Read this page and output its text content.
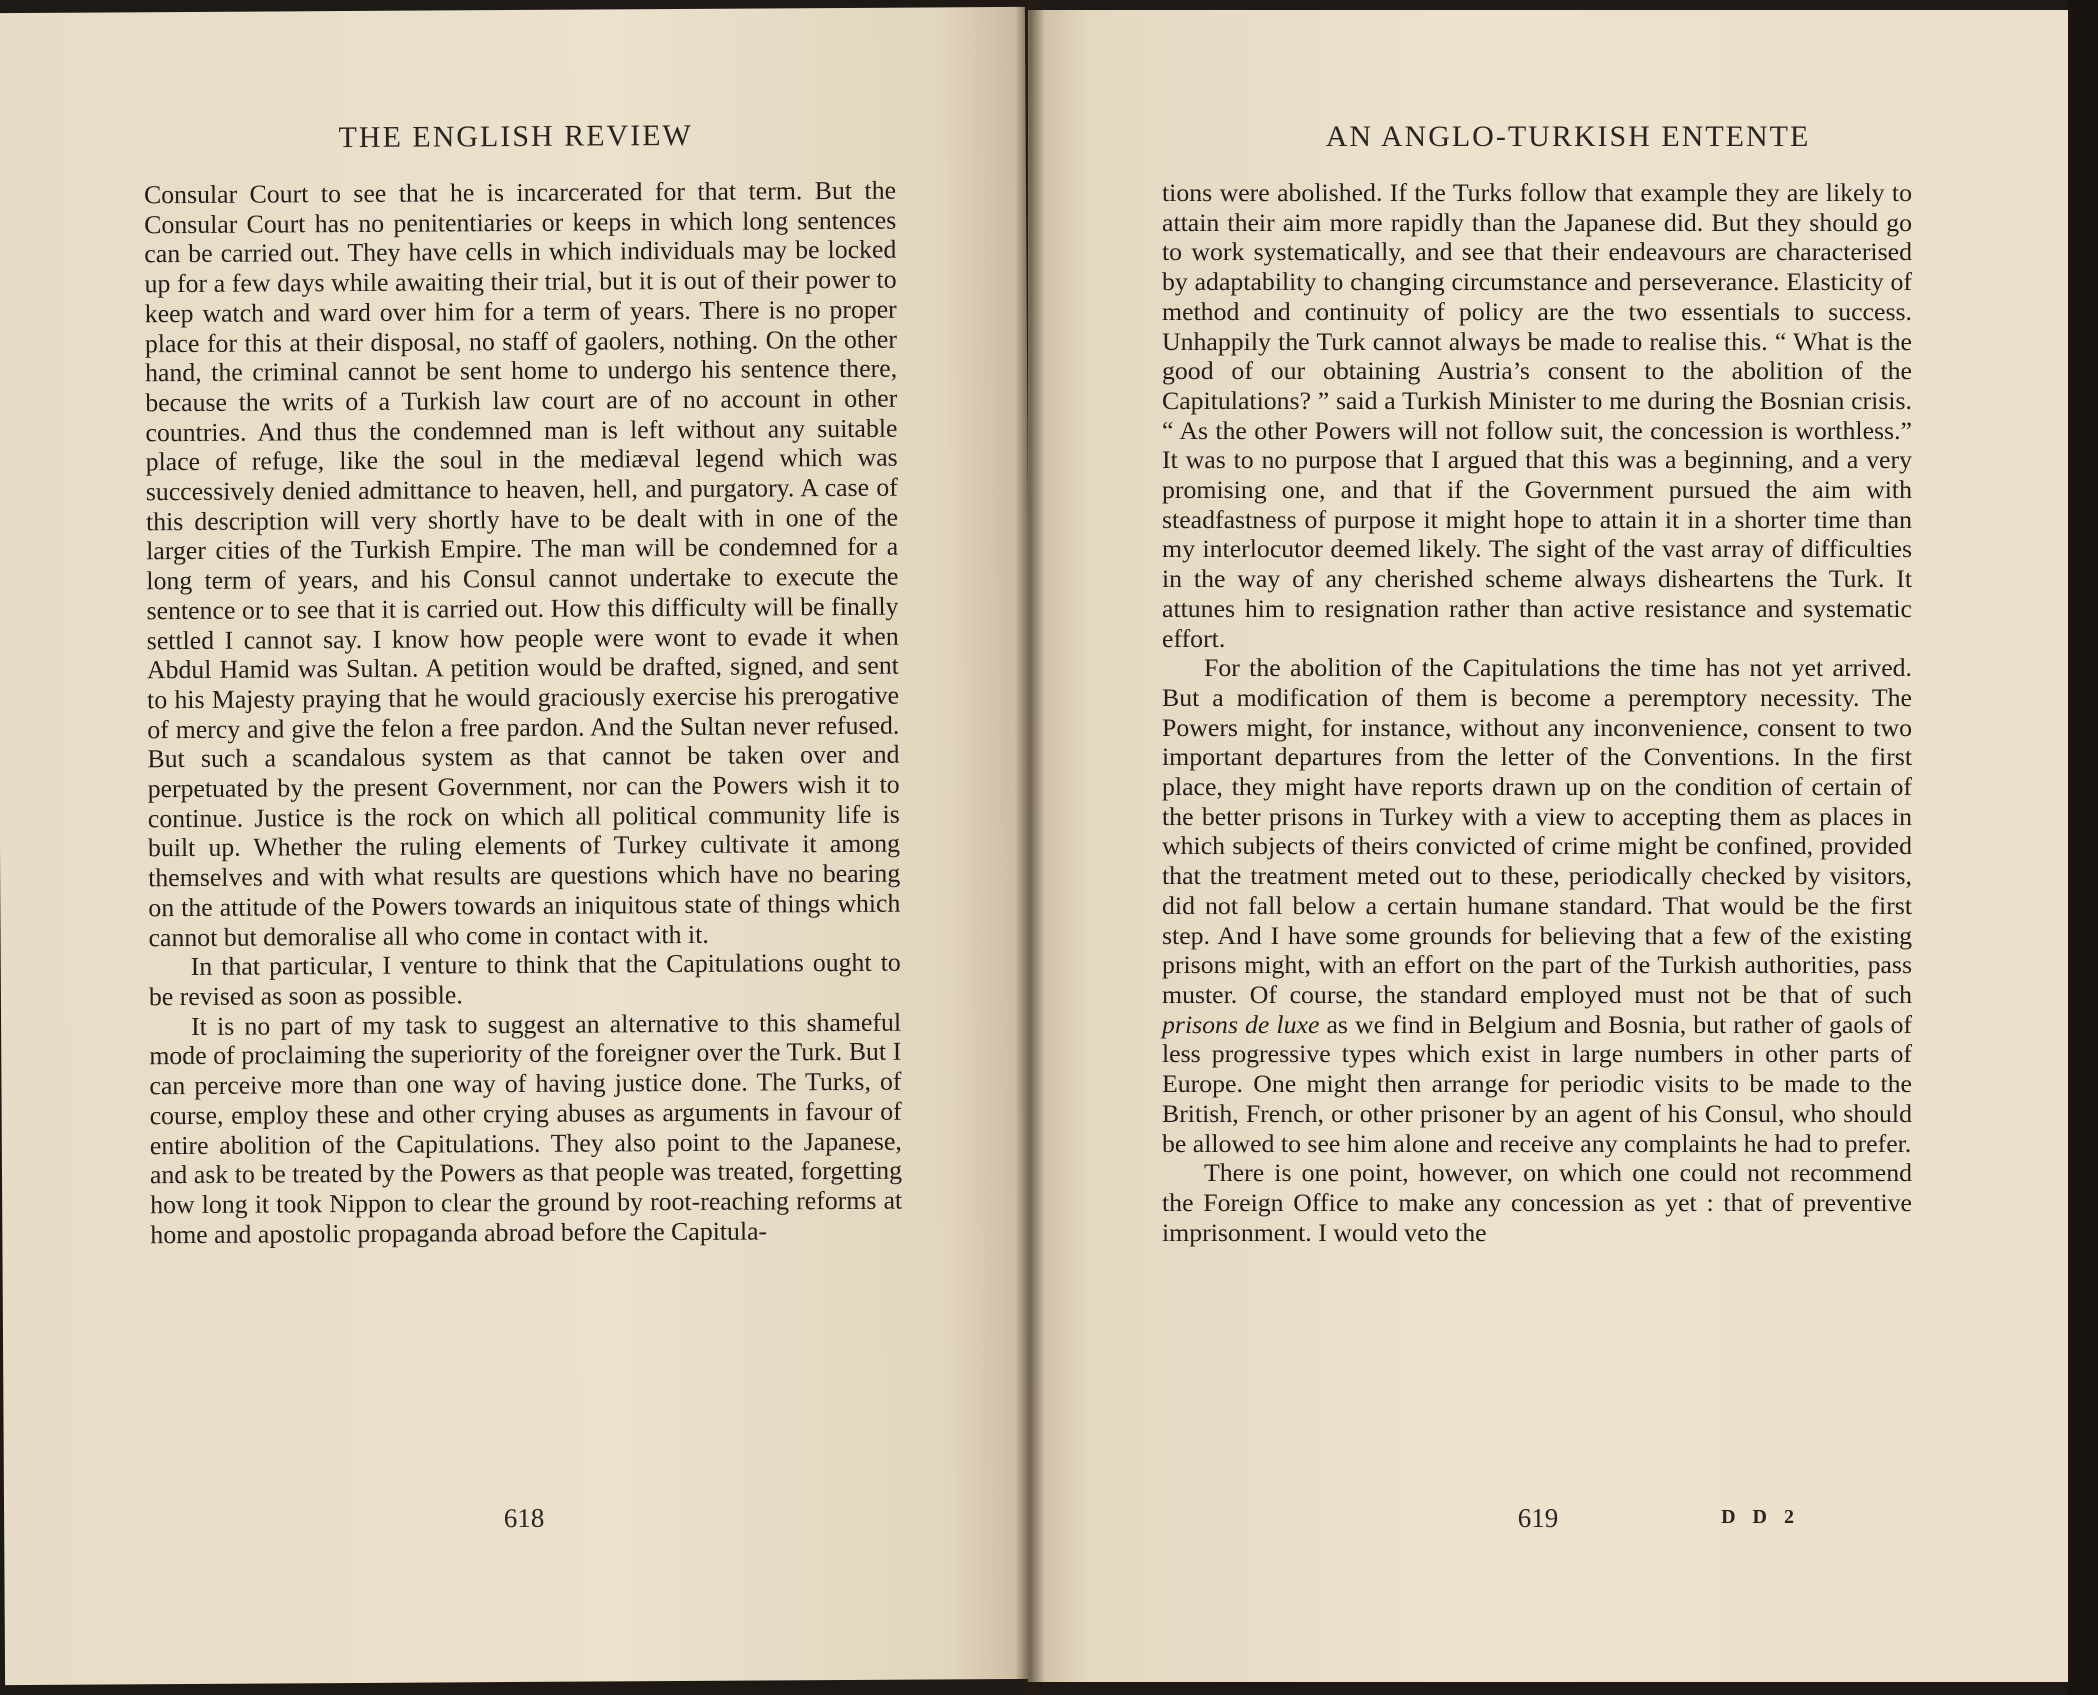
THE ENGLISH REVIEW

Consular Court to see that he is incarcerated for that term. But the Consular Court has no penitentiaries or keeps in which long sentences can be carried out. They have cells in which individuals may be locked up for a few days while awaiting their trial, but it is out of their power to keep watch and ward over him for a term of years. There is no proper place for this at their disposal, no staff of gaolers, nothing. On the other hand, the criminal cannot be sent home to undergo his sentence there, because the writs of a Turkish law court are of no account in other countries. And thus the condemned man is left without any suitable place of refuge, like the soul in the mediæval legend which was successively denied admittance to heaven, hell, and purgatory. A case of this description will very shortly have to be dealt with in one of the larger cities of the Turkish Empire. The man will be condemned for a long term of years, and his Consul cannot undertake to execute the sentence or to see that it is carried out. How this difficulty will be finally settled I cannot say. I know how people were wont to evade it when Abdul Hamid was Sultan. A petition would be drafted, signed, and sent to his Majesty praying that he would graciously exercise his prerogative of mercy and give the felon a free pardon. And the Sultan never refused. But such a scandalous system as that cannot be taken over and perpetuated by the present Government, nor can the Powers wish it to continue. Justice is the rock on which all political community life is built up. Whether the ruling elements of Turkey cultivate it among themselves and with what results are questions which have no bearing on the attitude of the Powers towards an iniquitous state of things which cannot but demoralise all who come in contact with it.

In that particular, I venture to think that the Capitulations ought to be revised as soon as possible.

It is no part of my task to suggest an alternative to this shameful mode of proclaiming the superiority of the foreigner over the Turk. But I can perceive more than one way of having justice done. The Turks, of course, employ these and other crying abuses as arguments in favour of entire abolition of the Capitulations. They also point to the Japanese, and ask to be treated by the Powers as that people was treated, forgetting how long it took Nippon to clear the ground by root-reaching reforms at home and apostolic propaganda abroad before the Capitula-

618
AN ANGLO-TURKISH ENTENTE

tions were abolished. If the Turks follow that example they are likely to attain their aim more rapidly than the Japanese did. But they should go to work systematically, and see that their endeavours are characterised by adaptability to changing circumstance and perseverance. Elasticity of method and continuity of policy are the two essentials to success. Unhappily the Turk cannot always be made to realise this. “ What is the good of our obtaining Austria’s consent to the abolition of the Capitulations? ” said a Turkish Minister to me during the Bosnian crisis. “ As the other Powers will not follow suit, the concession is worthless.” It was to no purpose that I argued that this was a beginning, and a very promising one, and that if the Government pursued the aim with steadfastness of purpose it might hope to attain it in a shorter time than my interlocutor deemed likely. The sight of the vast array of difficulties in the way of any cherished scheme always disheartens the Turk. It attunes him to resignation rather than active resistance and systematic effort.

For the abolition of the Capitulations the time has not yet arrived. But a modification of them is become a peremptory necessity. The Powers might, for instance, without any inconvenience, consent to two important departures from the letter of the Conventions. In the first place, they might have reports drawn up on the condition of certain of the better prisons in Turkey with a view to accepting them as places in which subjects of theirs convicted of crime might be confined, provided that the treatment meted out to these, periodically checked by visitors, did not fall below a certain humane standard. That would be the first step. And I have some grounds for believing that a few of the existing prisons might, with an effort on the part of the Turkish authorities, pass muster. Of course, the standard employed must not be that of such prisons de luxe as we find in Belgium and Bosnia, but rather of gaols of less progressive types which exist in large numbers in other parts of Europe. One might then arrange for periodic visits to be made to the British, French, or other prisoner by an agent of his Consul, who should be allowed to see him alone and receive any complaints he had to prefer.

There is one point, however, on which one could not recommend the Foreign Office to make any concession as yet : that of preventive imprisonment. I would veto the

619	D D 2
